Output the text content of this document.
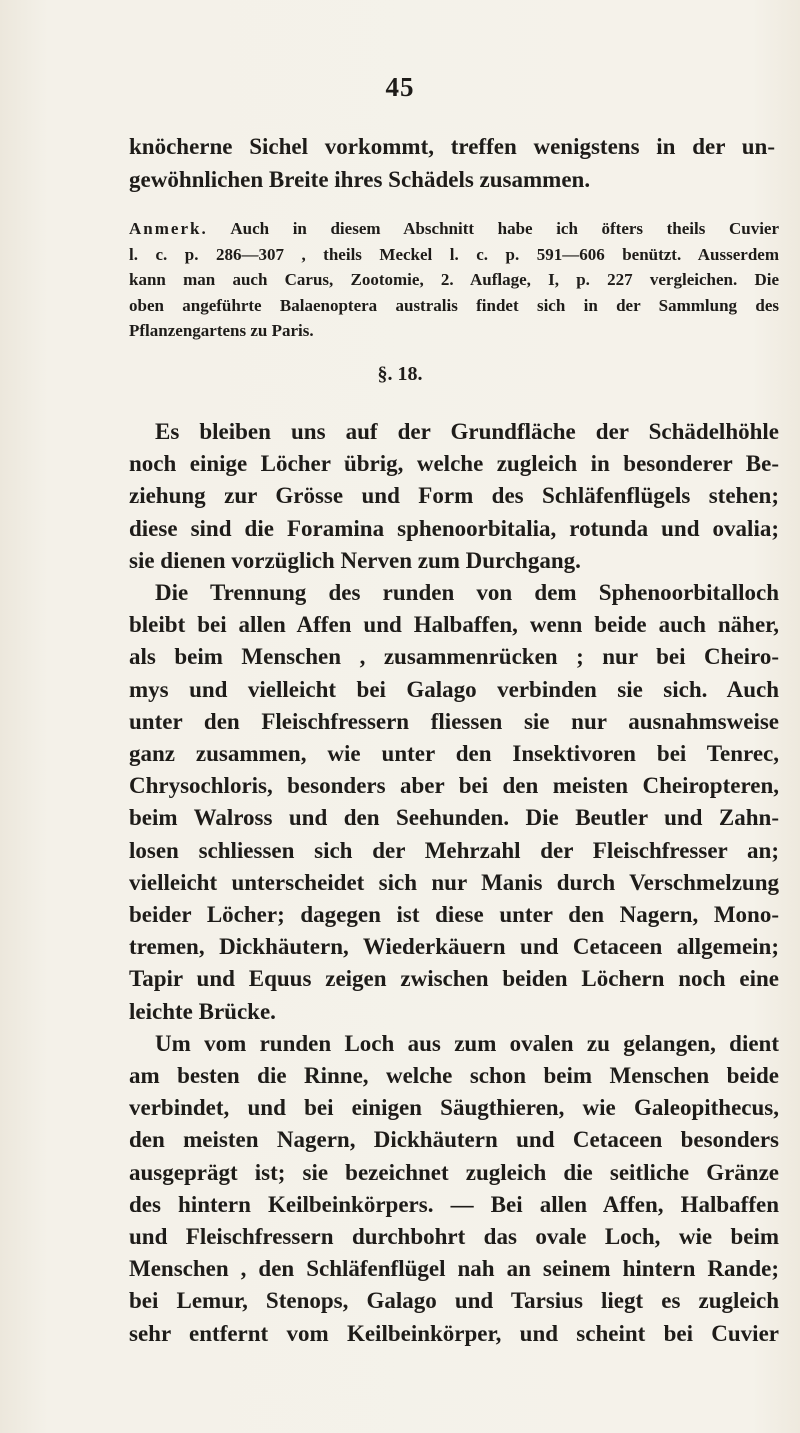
45
knöcherne Sichel vorkommt, treffen wenigstens in der un-
gewöhnlichen Breite ihres Schädels zusammen.
Anmerk. Auch in diesem Abschnitt habe ich öfters theils Cuvier
l. c. p. 286—307 , theils Meckel l. c. p. 591—606 benützt. Ausserdem
kann man auch Carus, Zootomie, 2. Auflage, I, p. 227 vergleichen. Die
oben angeführte Balaenoptera australis findet sich in der Sammlung des
Pflanzengartens zu Paris.
§. 18.
Es bleiben uns auf der Grundfläche der Schädelhöhle
noch einige Löcher übrig, welche zugleich in besonderer Be-
ziehung zur Grösse und Form des Schläfenflügels stehen;
diese sind die Foramina sphenoorbitalia, rotunda und ovalia;
sie dienen vorzüglich Nerven zum Durchgang.
Die Trennung des runden von dem Sphenoorbitalloch
bleibt bei allen Affen und Halbaffen, wenn beide auch näher,
als beim Menschen , zusammenrücken ; nur bei Cheiro-
mys und vielleicht bei Galago verbinden sie sich. Auch
unter den Fleischfressern fliessen sie nur ausnahmsweise
ganz zusammen, wie unter den Insektivoren bei Tenrec,
Chrysochloris, besonders aber bei den meisten Cheiropteren,
beim Walross und den Seehunden. Die Beutler und Zahn-
losen schliessen sich der Mehrzahl der Fleischfresser an;
vielleicht unterscheidet sich nur Manis durch Verschmelzung
beider Löcher; dagegen ist diese unter den Nagern, Mono-
tremen, Dickhäutern, Wiederkäuern und Cetaceen allgemein;
Tapir und Equus zeigen zwischen beiden Löchern noch eine
leichte Brücke.
Um vom runden Loch aus zum ovalen zu gelangen, dient
am besten die Rinne, welche schon beim Menschen beide
verbindet, und bei einigen Säugthieren, wie Galeopithecus,
den meisten Nagern, Dickhäutern und Cetaceen besonders
ausgeprägt ist; sie bezeichnet zugleich die seitliche Gränze
des hintern Keilbeinkörpers. — Bei allen Affen, Halbaffen
und Fleischfressern durchbohrt das ovale Loch, wie beim
Menschen , den Schläfenflügel nah an seinem hintern Rande;
bei Lemur, Stenops, Galago und Tarsius liegt es zugleich
sehr entfernt vom Keilbeinkörper, und scheint bei Cuvier
